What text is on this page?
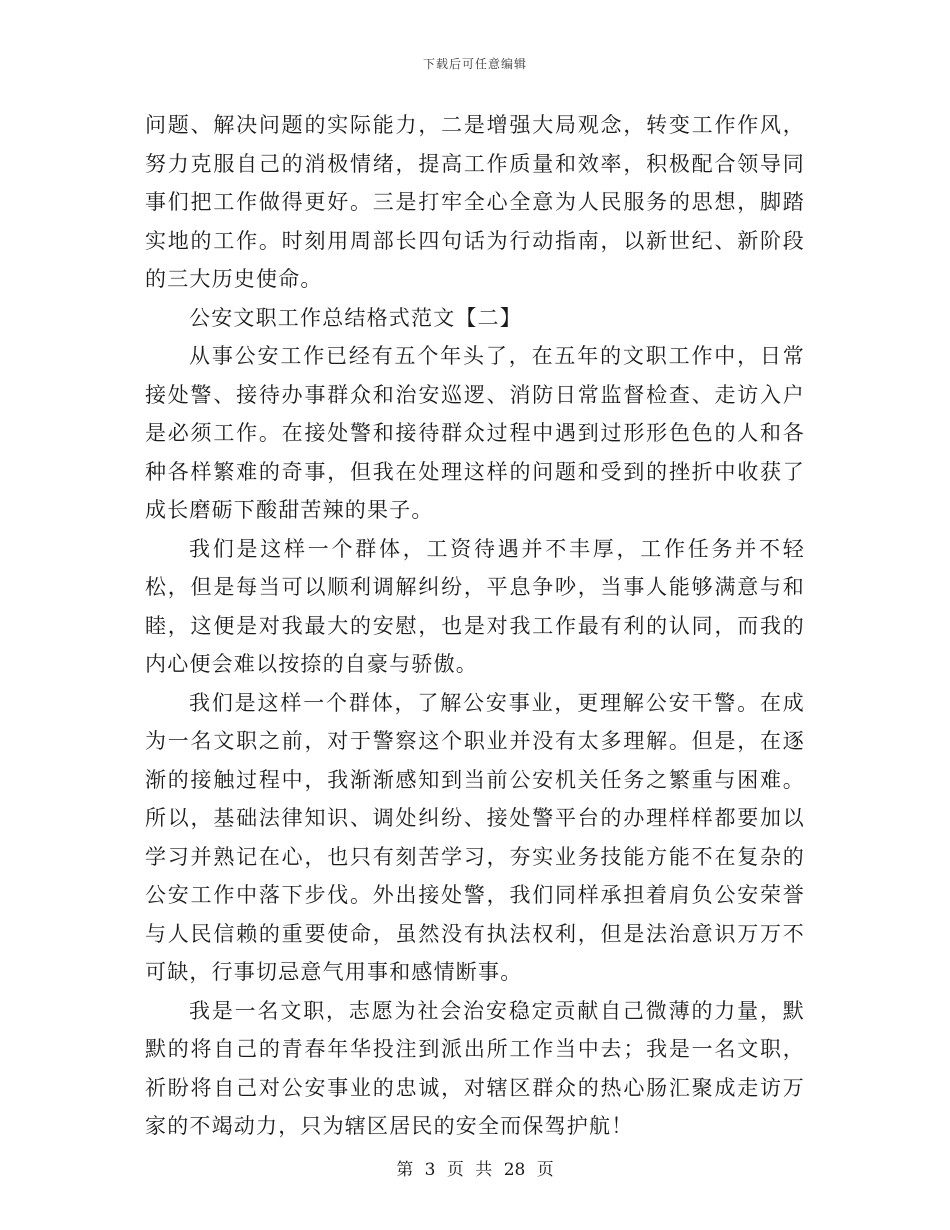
下载后可任意编辑

问题、解决问题的实际能力，二是增强大局观念，转变工作作风，努力克服自己的消极情绪，提高工作质量和效率，积极配合领导同事们把工作做得更好。三是打牢全心全意为人民服务的思想，脚踏实地的工作。时刻用周部长四句话为行动指南，以新世纪、新阶段的三大历史使命。

公安文职工作总结格式范文【二】

从事公安工作已经有五个年头了，在五年的文职工作中，日常接处警、接待办事群众和治安巡逻、消防日常监督检查、走访入户是必须工作。在接处警和接待群众过程中遇到过形形色色的人和各种各样繁难的奇事，但我在处理这样的问题和受到的挫折中收获了成长磨砺下酸甜苦辣的果子。

我们是这样一个群体，工资待遇并不丰厚，工作任务并不轻松，但是每当可以顺利调解纠纷，平息争吵，当事人能够满意与和睦，这便是对我最大的安慰，也是对我工作最有利的认同，而我的内心便会难以按捺的自豪与骄傲。

我们是这样一个群体，了解公安事业，更理解公安干警。在成为一名文职之前，对于警察这个职业并没有太多理解。但是，在逐渐的接触过程中，我渐渐感知到当前公安机关任务之繁重与困难。所以，基础法律知识、调处纠纷、接处警平台的办理样样都要加以学习并熟记在心，也只有刻苦学习，夯实业务技能方能不在复杂的公安工作中落下步伐。外出接处警，我们同样承担着肩负公安荣誉与人民信赖的重要使命，虽然没有执法权利，但是法治意识万万不可缺，行事切忌意气用事和感情断事。

我是一名文职，志愿为社会治安稳定贡献自己微薄的力量，默默的将自己的青春年华投注到派出所工作当中去；我是一名文职，祈盼将自己对公安事业的忠诚，对辖区群众的热心肠汇聚成走访万家的不竭动力，只为辖区居民的安全而保驾护航！

第 3 页 共 28 页
